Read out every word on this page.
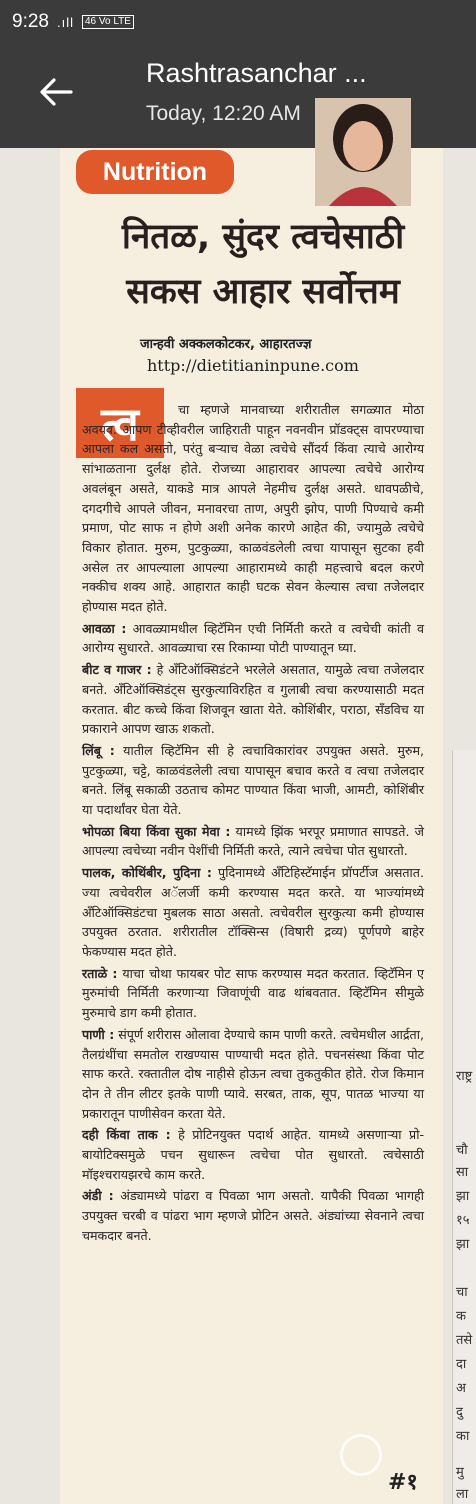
राष्ट्र
चौ
सा
झा
१५
झा
चा
क
तसे
दा
अ
दु
का
मु
ला
9:28 .ıll	46 Vo LTE
Rashtrasanchar ...
Today, 12:20 AM
Nutrition
नितळ, सुंदर त्वचेसाठी
सकस आहार सर्वोत्तम
जान्हवी अक्कलकोटकर, आहारतज्ज्ञ
http://dietitianinpune.com
त्व	चा म्हणजे मानवाच्या शरीरातील सगळ्यात मोठा अवयव. आपण टीव्हीवरील जाहिराती पाहून नवनवीन प्रॉडक्ट्स वापरण्याचा आपला कल असतो, परंतु बऱ्याच वेळा त्वचेचे सौंदर्य किंवा त्याचे आरोग्य सांभाळताना दुर्लक्ष होते. रोजच्या आहारावर आपल्या त्वचेचे आरोग्य अवलंबून असते, याकडे मात्र आपले नेहमीच दुर्लक्ष असते. धावपळीचे, दगदगीचे आपले जीवन, मनावरचा ताण, अपुरी झोप, पाणी पिण्याचे कमी प्रमाण, पोट साफ न होणे अशी अनेक कारणे आहेत की, ज्यामुळे त्वचेचे विकार होतात. मुरुम, पुटकुळ्या, काळवंडलेली त्वचा यापासून सुटका हवी असेल तर आपल्याला आपल्या आहारामध्ये काही महत्त्वाचे बदल करणे नक्कीच शक्य आहे. आहारात काही घटक सेवन केल्यास त्वचा तजेलदार होण्यास मदत होते.

आवळा : आवळ्यामधील व्हिटॅमिन एची निर्मिती करते व त्वचेची कांती व आरोग्य सुधारते. आवळ्याचा रस रिकाम्या पोटी पाण्यातून घ्या.

बीट व गाजर : हे अँटिऑक्सिडंटने भरलेले असतात, यामुळे त्वचा तजेलदार बनते. अँटिऑक्सिडंट्स सुरकुत्याविरहित व गुलाबी त्वचा करण्यासाठी मदत करतात. बीट कच्चे किंवा शिजवून खाता येते. कोशिंबीर, पराठा, सँडविच या प्रकाराने आपण खाऊ शकतो.

लिंबू : यातील व्हिटॅमिन सी हे त्वचाविकारांवर उपयुक्त असते. मुरुम, पुटकुळ्या, चट्टे, काळवंडलेली त्वचा यापासून बचाव करते व त्वचा तजेलदार बनते. लिंबू सकाळी उठताच कोमट पाण्यात किंवा भाजी, आमटी, कोशिंबीर या पदार्थांवर घेता येते.

भोपळा बिया किंवा सुका मेवा : यामध्ये झिंक भरपूर प्रमाणात सापडते. जे आपल्या त्वचेच्या नवीन पेशींची निर्मिती करते, त्याने त्वचेचा पोत सुधारतो.

पालक, कोथिंबीर, पुदिना : पुदिनामध्ये अँटिहिस्टॅमाईन प्रॉपर्टीज असतात. ज्या त्वचेवरील अॅलर्जी कमी करण्यास मदत करते. या भाज्यांमध्ये अँटिऑक्सिडंटचा मुबलक साठा असतो. त्वचेवरील सुरकुत्या कमी होण्यास उपयुक्त ठरतात. शरीरातील टॉक्सिन्स (विषारी द्रव्य) पूर्णपणे बाहेर फेकण्यास मदत होते.

रताळे : याचा चोथा फायबर पोट साफ करण्यास मदत करतात. व्हिटॅमिन ए मुरुमांची निर्मिती करणाऱ्या जिवाणूंची वाढ थांबवतात. व्हिटॅमिन सीमुळे मुरुमाचे डाग कमी होतात.

पाणी : संपूर्ण शरीरास ओलावा देण्याचे काम पाणी करते. त्वचेमधील आर्द्रता, तैलग्रंथींचा समतोल राखण्यास पाण्याची मदत होते. पचनसंस्था किंवा पोट साफ करते. रक्तातील दोष नाहीसे होऊन त्वचा तुकतुकीत होते. रोज किमान दोन ते तीन लीटर इतके पाणी प्यावे. सरबत, ताक, सूप, पातळ भाज्या या प्रकारातून पाणीसेवन करता येते.

दही किंवा ताक : हे प्रोटिनयुक्त पदार्थ आहेत. यामध्ये असणाऱ्या प्रो-बायोटिक्समुळे पचन सुधारून त्वचेचा पोत सुधारतो. त्वचेसाठी मॉइश्चरायझरचे काम करते.

अंडी : अंड्यामध्ये पांढरा व पिवळा भाग असतो. यापैकी पिवळा भागही उपयुक्त चरबी व पांढरा भाग म्हणजे प्रोटिन असते. अंड्यांच्या सेवनाने त्वचा चमकदार बनते.

#१
